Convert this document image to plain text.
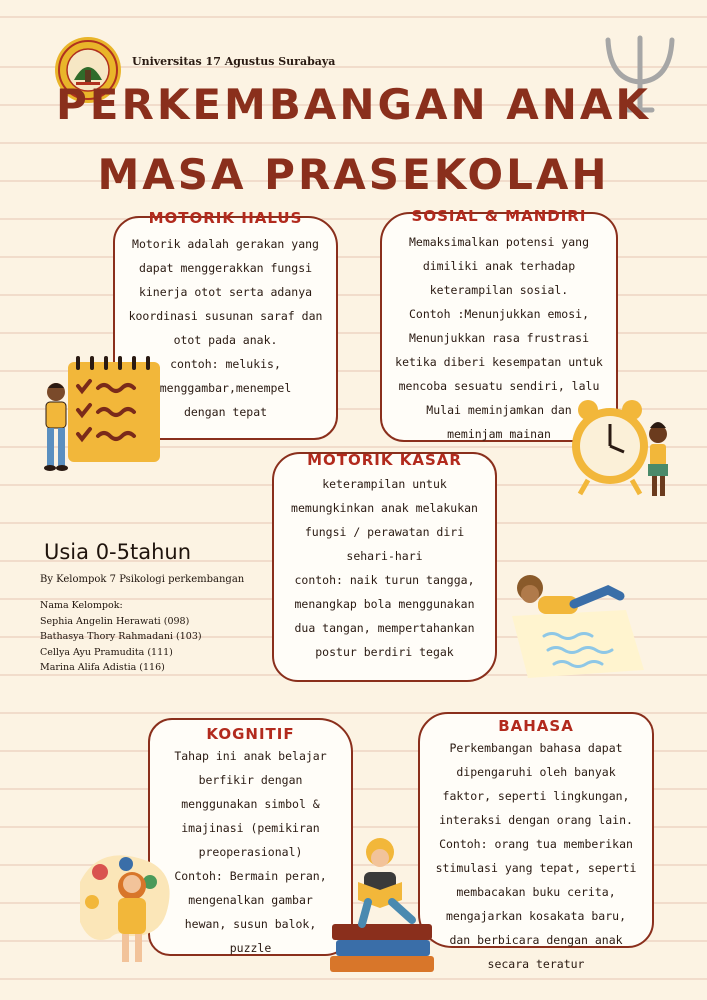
Universitas 17 Agustus Surabaya
PERKEMBANGAN ANAK
MASA PRASEKOLAH
MOTORIK HALUS

Motorik adalah gerakan yang

dapat menggerakkan fungsi

kinerja otot serta adanya

koordinasi susunan saraf dan

otot pada anak.

contoh: melukis,

menggambar,menempel

dengan tepat

SOSIAL & MANDIRI

Memaksimalkan potensi yang

dimiliki anak terhadap

keterampilan sosial.

Contoh :Menunjukkan emosi,

Menunjukkan rasa frustrasi

ketika diberi kesempatan untuk

mencoba sesuatu sendiri, lalu

Mulai meminjamkan dan

meminjam mainan

MOTORIK KASAR

keterampilan untuk

memungkinkan anak melakukan

fungsi / perawatan diri

sehari-hari

contoh: naik turun tangga,

menangkap bola menggunakan

dua tangan, mempertahankan

postur berdiri tegak

KOGNITIF

Tahap ini anak belajar

berfikir dengan

menggunakan simbol &

imajinasi (pemikiran

preoperasional)

Contoh: Bermain peran,

mengenalkan gambar

hewan, susun balok,

puzzle

BAHASA

Perkembangan bahasa dapat

dipengaruhi oleh banyak

faktor, seperti lingkungan,

interaksi dengan orang lain.

Contoh: orang tua memberikan

stimulasi yang tepat, seperti

membacakan buku cerita,

mengajarkan kosakata baru,

dan berbicara dengan anak

secara teratur

Usia 0-5tahun
By Kelompok 7 Psikologi perkembangan
Nama Kelompok:
Sephia Angelin Herawati (098)
Bathasya Thory Rahmadani (103)
Cellya Ayu Pramudita (111)
Marina Alifa Adistia (116)
